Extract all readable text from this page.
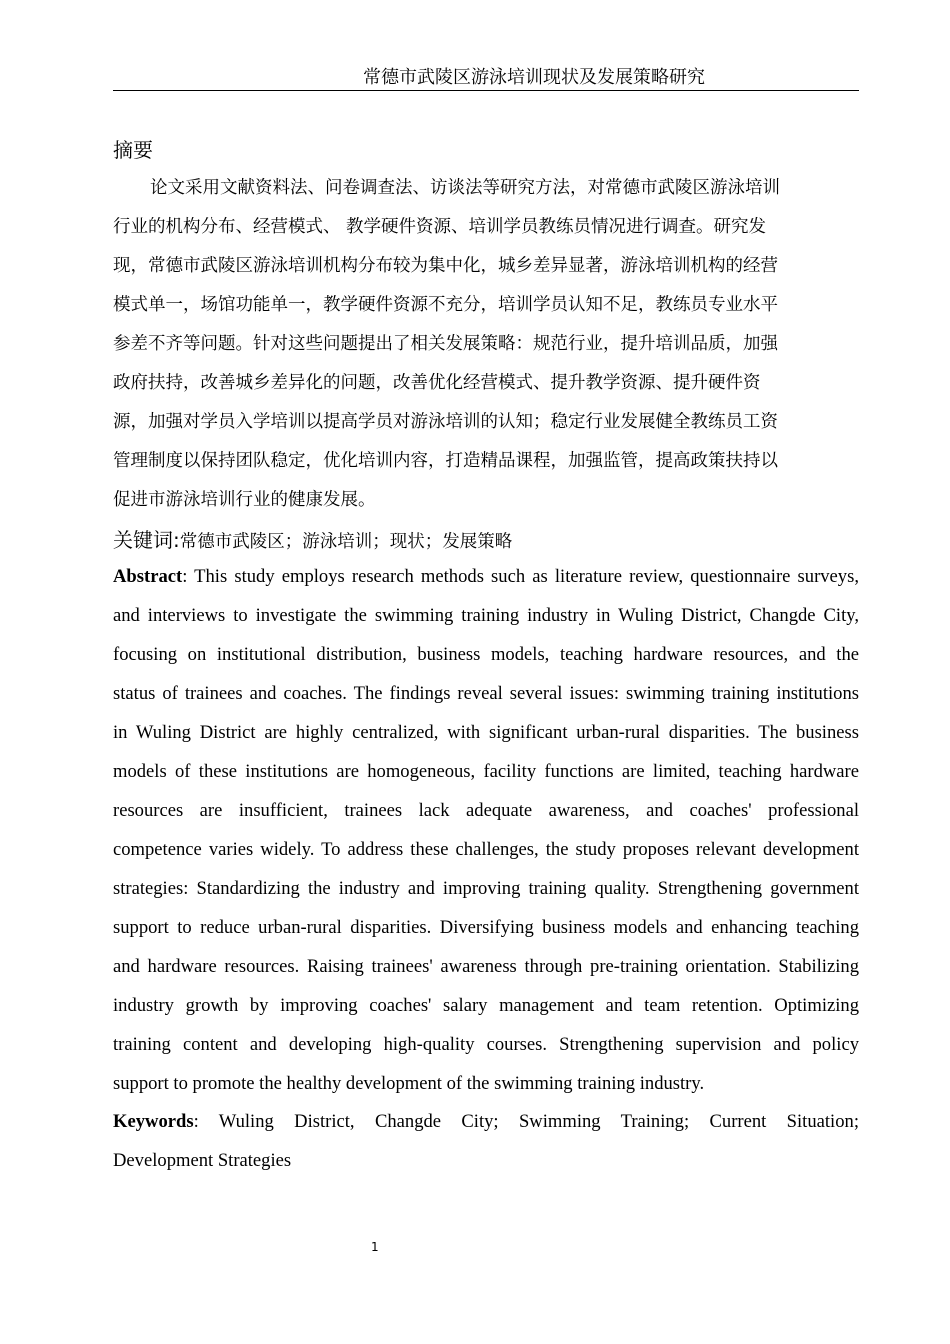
常德市武陵区游泳培训现状及发展策略研究
摘要
论文采用文献资料法、问卷调查法、访谈法等研究方法，对常德市武陵区游泳培训
行业的机构分布、经营模式、 教学硬件资源、培训学员教练员情况进行调查。研究发
现，常德市武陵区游泳培训机构分布较为集中化，城乡差异显著，游泳培训机构的经营
模式单一，场馆功能单一，教学硬件资源不充分，培训学员认知不足，教练员专业水平
参差不齐等问题。针对这些问题提出了相关发展策略：规范行业，提升培训品质，加强
政府扶持，改善城乡差异化的问题，改善优化经营模式、提升教学资源、提升硬件资
源，加强对学员入学培训以提高学员对游泳培训的认知；稳定行业发展健全教练员工资
管理制度以保持团队稳定，优化培训内容，打造精品课程，加强监管，提高政策扶持以
促进市游泳培训行业的健康发展。
关键词:常德市武陵区；游泳培训；现状；发展策略
Abstract: This study employs research methods such as literature review, questionnaire surveys,
and interviews to investigate the swimming training industry in Wuling District, Changde City,
focusing on institutional distribution, business models, teaching hardware resources, and the
status of trainees and coaches. The findings reveal several issues: swimming training institutions
in Wuling District are highly centralized, with significant urban-rural disparities. The business
models of these institutions are homogeneous, facility functions are limited, teaching hardware
resources are insufficient, trainees lack adequate awareness, and coaches' professional
competence varies widely. To address these challenges, the study proposes relevant development
strategies: Standardizing the industry and improving training quality. Strengthening government
support to reduce urban-rural disparities. Diversifying business models and enhancing teaching
and hardware resources. Raising trainees' awareness through pre-training orientation. Stabilizing
industry growth by improving coaches' salary management and team retention. Optimizing
training content and developing high-quality courses. Strengthening supervision and policy
support to promote the healthy development of the swimming training industry.
Keywords: Wuling District, Changde City; Swimming Training; Current Situation;
Development Strategies
1
